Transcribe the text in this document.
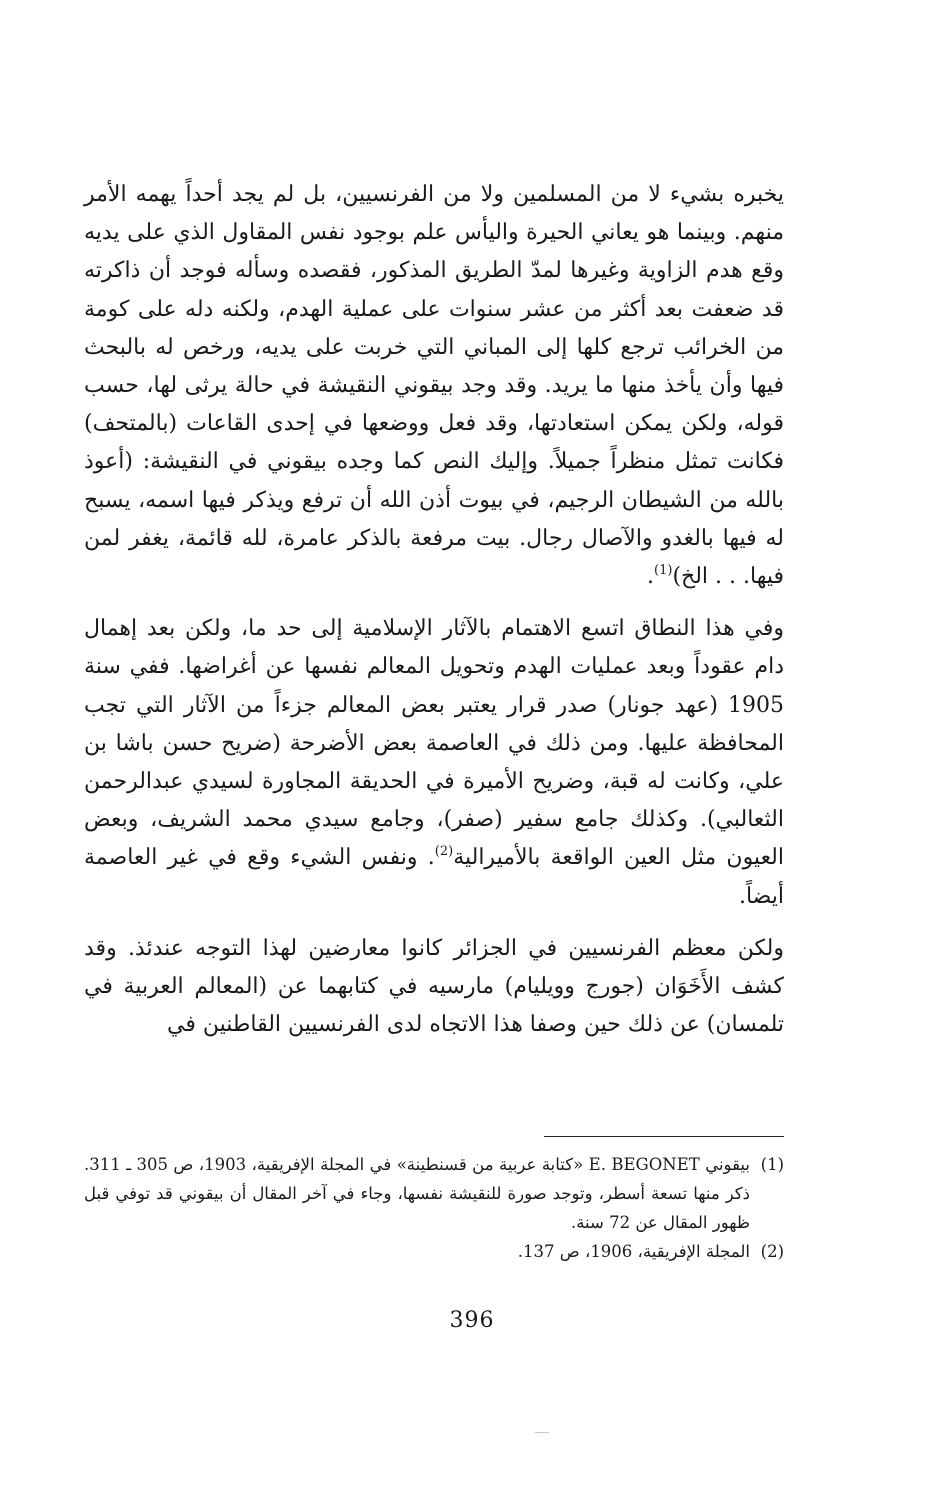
يخبره بشيء لا من المسلمين ولا من الفرنسيين، بل لم يجد أحداً يهمه الأمر منهم. وبينما هو يعاني الحيرة واليأس علم بوجود نفس المقاول الذي على يديه وقع هدم الزاوية وغيرها لمدّ الطريق المذكور، فقصده وسأله فوجد أن ذاكرته قد ضعفت بعد أكثر من عشر سنوات على عملية الهدم، ولكنه دله على كومة من الخرائب ترجع كلها إلى المباني التي خربت على يديه، ورخص له بالبحث فيها وأن يأخذ منها ما يريد. وقد وجد بيقوني النقيشة في حالة يرثى لها، حسب قوله، ولكن يمكن استعادتها، وقد فعل ووضعها في إحدى القاعات (بالمتحف) فكانت تمثل منظراً جميلاً. وإليك النص كما وجده بيقوني في النقيشة: (أعوذ بالله من الشيطان الرجيم، في بيوت أذن الله أن ترفع ويذكر فيها اسمه، يسبح له فيها بالغدو والآصال رجال. بيت مرفعة بالذكر عامرة، لله قائمة، يغفر لمن فيها. . . الخ)$^{(1)}$.

وفي هذا النطاق اتسع الاهتمام بالآثار الإسلامية إلى حد ما، ولكن بعد إهمال دام عقوداً وبعد عمليات الهدم وتحويل المعالم نفسها عن أغراضها. ففي سنة 1905 (عهد جونار) صدر قرار يعتبر بعض المعالم جزءاً من الآثار التي تجب المحافظة عليها. ومن ذلك في العاصمة بعض الأضرحة (ضريح حسن باشا بن علي، وكانت له قبة، وضريح الأميرة في الحديقة المجاورة لسيدي عبدالرحمن الثعالبي). وكذلك جامع سفير (صفر)، وجامع سيدي محمد الشريف، وبعض العيون مثل العين الواقعة بالأميرالية$^{(2)}$. ونفس الشيء وقع في غير العاصمة أيضاً.

ولكن معظم الفرنسيين في الجزائر كانوا معارضين لهذا التوجه عندئذ. وقد كشف الأَخَوَان (جورج وويليام) مارسيه في كتابهما عن (المعالم العربية في تلمسان) عن ذلك حين وصفا هذا الاتجاه لدى الفرنسيين القاطنين في

(1)
بيقوني E. BEGONET «كتابة عربية من قسنطينة» في المجلة الإفريقية، 1903، ص 305 ـ 311. ذكر منها تسعة أسطر، وتوجد صورة للنقيشة نفسها، وجاء في آخر المقال أن بيقوني قد توفي قبل ظهور المقال عن 72 سنة.
(2)
المجلة الإفريقية، 1906، ص 137.
396
